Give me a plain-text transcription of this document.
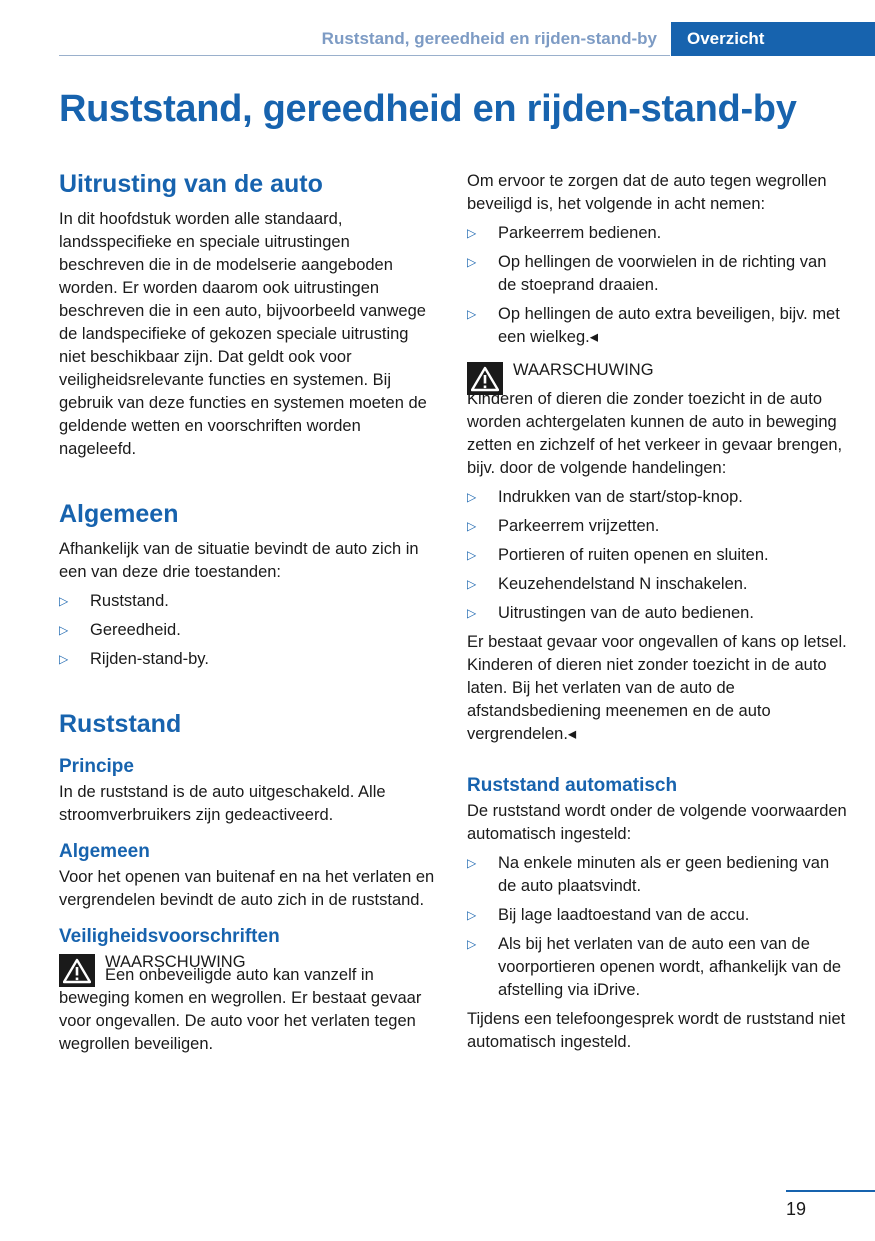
Ruststand, gereedheid en rijden-stand-by Overzicht
Ruststand, gereedheid en rijden-stand-by
Uitrusting van de auto

In dit hoofdstuk worden alle standaard, landsspecifieke en speciale uitrustingen beschreven die in de modelserie aangeboden worden. Er worden daarom ook uitrustingen beschreven die in een auto, bijvoorbeeld vanwege de landspecifieke of gekozen speciale uitrusting niet beschikbaar zijn. Dat geldt ook voor veiligheidsrelevante functies en systemen. Bij gebruik van deze functies en systemen moeten de geldende wetten en voorschriften worden nageleefd.

Algemeen

Afhankelijk van de situatie bevindt de auto zich in een van deze drie toestanden:

▷ Ruststand.
▷ Gereedheid.
▷ Rijden-stand-by.
Ruststand
Principe

In de ruststand is de auto uitgeschakeld. Alle stroomverbruikers zijn gedeactiveerd.

Algemeen

Voor het openen van buitenaf en na het verlaten en vergrendelen bevindt de auto zich in de ruststand.

Veiligheidsvoorschriften
WAARSCHUWING

Een onbeveiligde auto kan vanzelf in beweging komen en wegrollen. Er bestaat gevaar voor ongevallen. De auto voor het verlaten tegen wegrollen beveiligen.

Om ervoor te zorgen dat de auto tegen wegrollen beveiligd is, het volgende in acht nemen:

▷ Parkeerrem bedienen.
▷ Op hellingen de voorwielen in de richting van de stoeprand draaien.
▷ Op hellingen de auto extra beveiligen, bijv. met een wielkeg.◂
WAARSCHUWING

Kinderen of dieren die zonder toezicht in de auto worden achtergelaten kunnen de auto in beweging zetten en zichzelf of het verkeer in gevaar brengen, bijv. door de volgende handelingen:

▷ Indrukken van de start/stop-knop.
▷ Parkeerrem vrijzetten.
▷ Portieren of ruiten openen en sluiten.
▷ Keuzehendelstand N inschakelen.
▷ Uitrustingen van de auto bedienen.

Er bestaat gevaar voor ongevallen of kans op letsel. Kinderen of dieren niet zonder toezicht in de auto laten. Bij het verlaten van de auto de afstandsbediening meenemen en de auto vergrendelen.◂

Ruststand automatisch

De ruststand wordt onder de volgende voorwaarden automatisch ingesteld:

▷ Na enkele minuten als er geen bediening van de auto plaatsvindt.
▷ Bij lage laadtoestand van de accu.
▷ Als bij het verlaten van de auto een van de voorportieren openen wordt, afhankelijk van de afstelling via iDrive.

Tijdens een telefoongesprek wordt de ruststand niet automatisch ingesteld.

19
